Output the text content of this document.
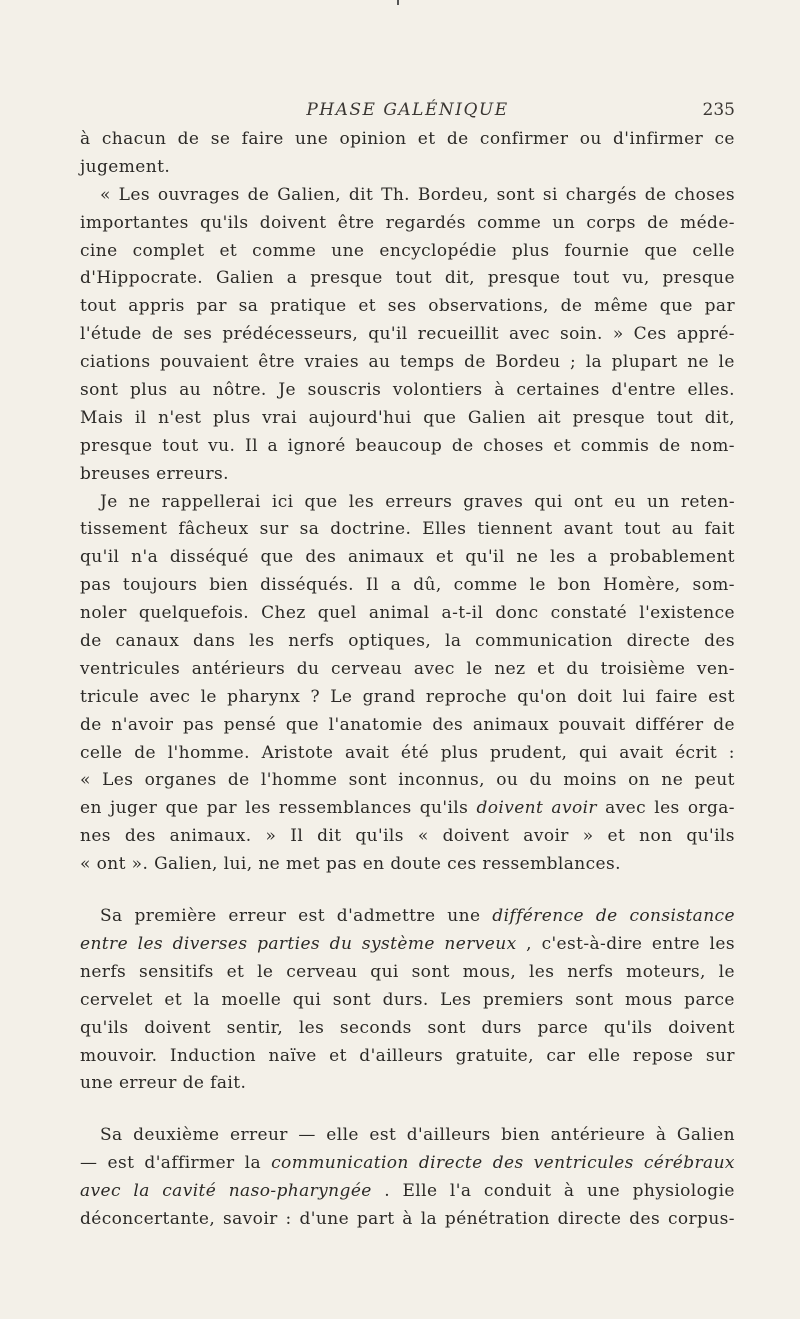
PHASE GALÉNIQUE	235
à chacun de se faire une opinion et de confirmer ou d'infirmer ce
jugement.
« Les ouvrages de Galien, dit Th. Bordeu, sont si chargés de choses
importantes qu'ils doivent être regardés comme un corps de méde-
cine complet et comme une encyclopédie plus fournie que celle
d'Hippocrate. Galien a presque tout dit, presque tout vu, presque
tout appris par sa pratique et ses observations, de même que par
l'étude de ses prédécesseurs, qu'il recueillit avec soin. » Ces appré-
ciations pouvaient être vraies au temps de Bordeu ; la plupart ne le
sont plus au nôtre. Je souscris volontiers à certaines d'entre elles.
Mais il n'est plus vrai aujourd'hui que Galien ait presque tout dit,
presque tout vu. Il a ignoré beaucoup de choses et commis de nom-
breuses erreurs.
Je ne rappellerai ici que les erreurs graves qui ont eu un reten-
tissement fâcheux sur sa doctrine. Elles tiennent avant tout au fait
qu'il n'a disséqué que des animaux et qu'il ne les a probablement
pas toujours bien disséqués. Il a dû, comme le bon Homère, som-
noler quelquefois. Chez quel animal a-t-il donc constaté l'existence
de canaux dans les nerfs optiques, la communication directe des
ventricules antérieurs du cerveau avec le nez et du troisième ven-
tricule avec le pharynx ? Le grand reproche qu'on doit lui faire est
de n'avoir pas pensé que l'anatomie des animaux pouvait différer de
celle de l'homme. Aristote avait été plus prudent, qui avait écrit :
« Les organes de l'homme sont inconnus, ou du moins on ne peut
en juger que par les ressemblances qu'ils doivent avoir avec les orga-
nes des animaux. » Il dit qu'ils « doivent avoir » et non qu'ils
« ont ». Galien, lui, ne met pas en doute ces ressemblances.
Sa première erreur est d'admettre une différence de consistance
entre les diverses parties du système nerveux , c'est-à-dire entre les
nerfs sensitifs et le cerveau qui sont mous, les nerfs moteurs, le
cervelet et la moelle qui sont durs. Les premiers sont mous parce
qu'ils doivent sentir, les seconds sont durs parce qu'ils doivent
mouvoir. Induction naïve et d'ailleurs gratuite, car elle repose sur
une erreur de fait.
Sa deuxième erreur — elle est d'ailleurs bien antérieure à Galien
— est d'affirmer la communication directe des ventricules cérébraux
avec la cavité naso-pharyngée . Elle l'a conduit à une physiologie
déconcertante, savoir : d'une part à la pénétration directe des corpus-
